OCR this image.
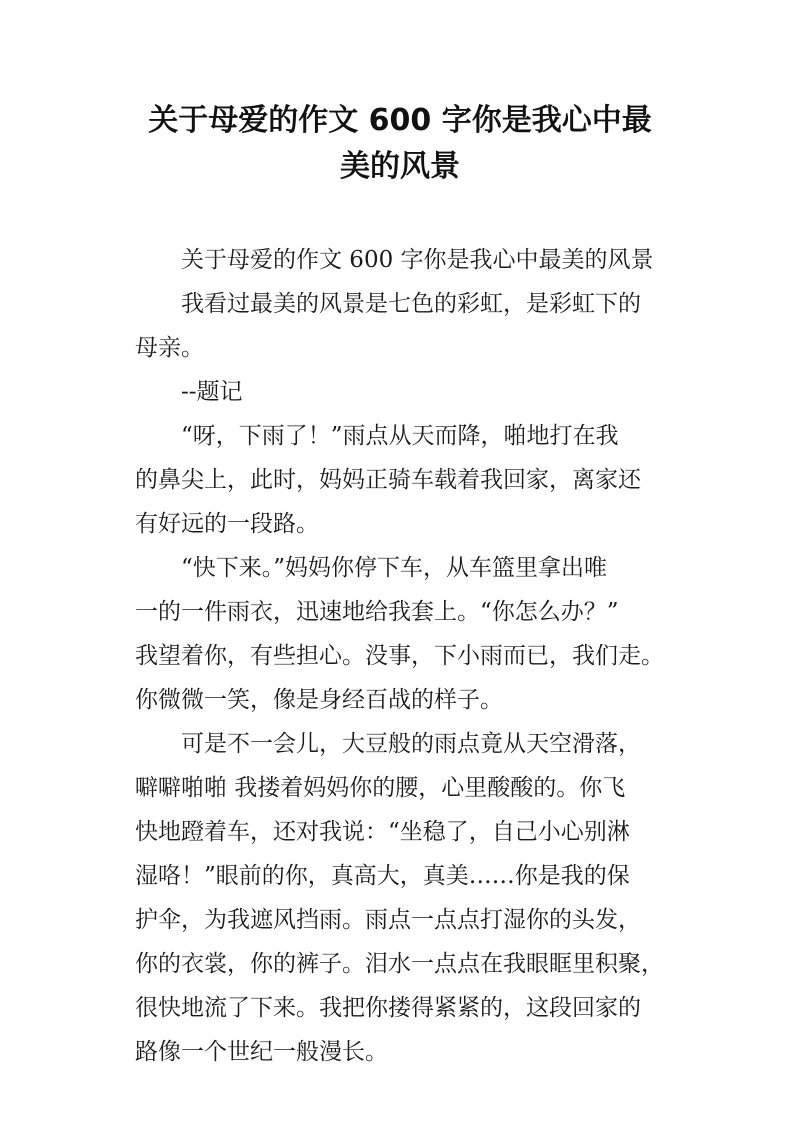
关于母爱的作文 600 字你是我心中最
美的风景
关于母爱的作文 600 字你是我心中最美的风景
我看过最美的风景是七色的彩虹，是彩虹下的
母亲。
--题记
“呀，下雨了！”雨点从天而降，啪地打在我
的鼻尖上，此时，妈妈正骑车载着我回家，离家还
有好远的一段路。
“快下来。”妈妈你停下车，从车篮里拿出唯
一的一件雨衣，迅速地给我套上。“你怎么办？”
我望着你，有些担心。没事，下小雨而已，我们走。
你微微一笑，像是身经百战的样子。
可是不一会儿，大豆般的雨点竟从天空滑落，
噼噼啪啪 我搂着妈妈你的腰，心里酸酸的。你飞
快地蹬着车，还对我说：“坐稳了，自己小心别淋
湿咯！”眼前的你，真高大，真美……你是我的保
护伞，为我遮风挡雨。雨点一点点打湿你的头发，
你的衣裳，你的裤子。泪水一点点在我眼眶里积聚，
很快地流了下来。我把你搂得紧紧的，这段回家的
路像一个世纪一般漫长。
